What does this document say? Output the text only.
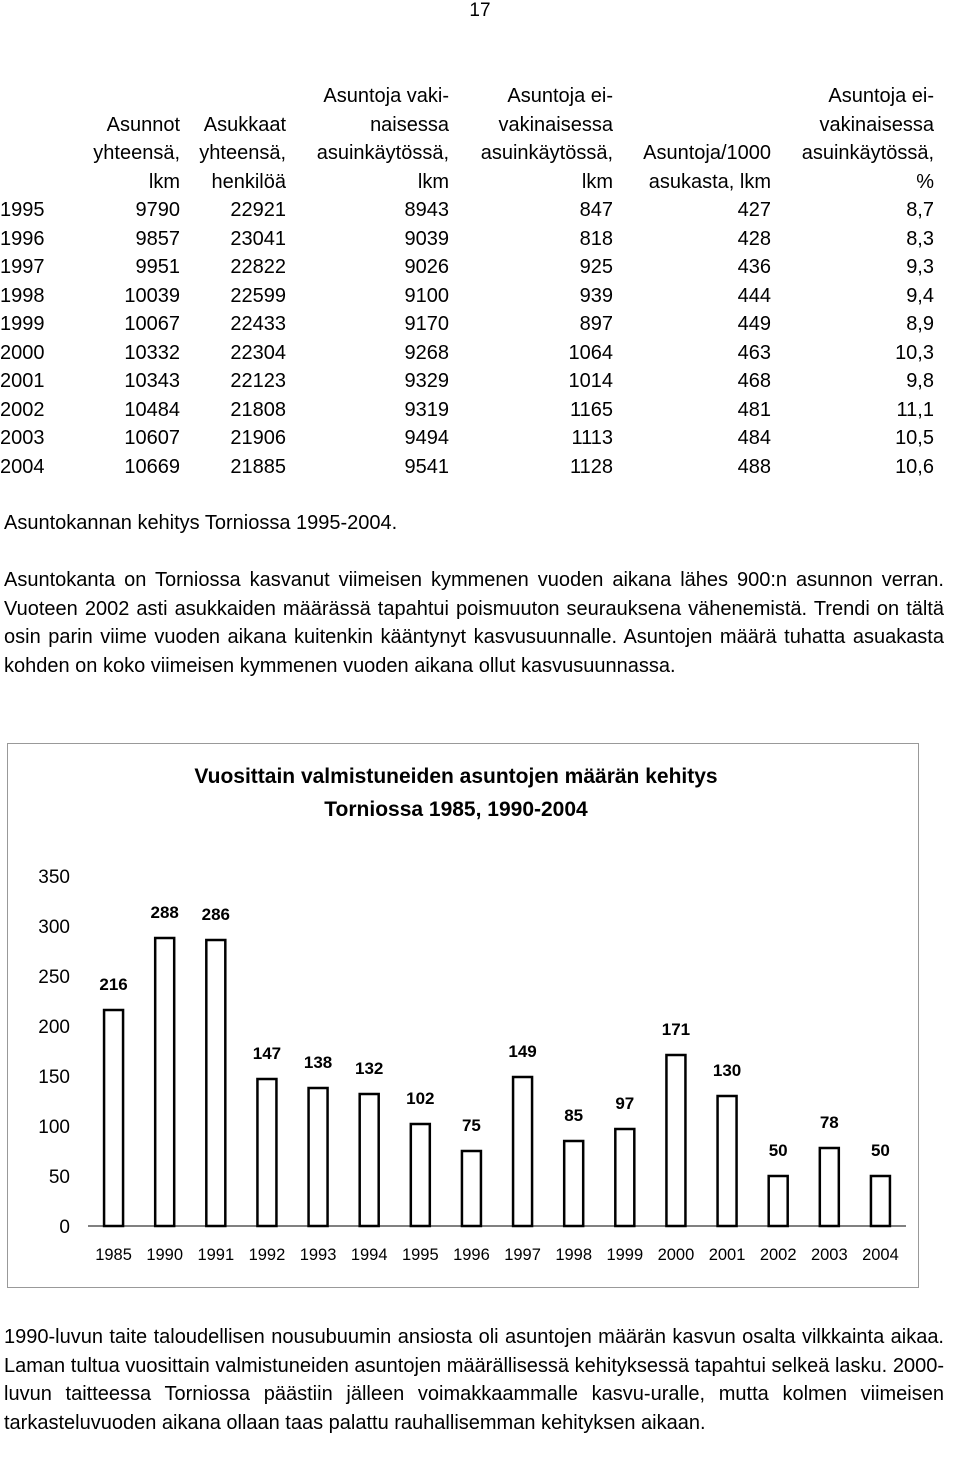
17
	Asunnot
yhteensä,
lkm	Asukkaat
yhteensä,
henkilöä	Asuntoja vaki-
naisessa
asuinkäytössä,
lkm	Asuntoja ei-
vakinaisessa
asuinkäytössä,
lkm	Asuntoja/1000
asukasta, lkm	Asuntoja ei-
vakinaisessa
asuinkäytössä,
%
1995	9790	22921	8943	847	427	8,7
1996	9857	23041	9039	818	428	8,3
1997	9951	22822	9026	925	436	9,3
1998	10039	22599	9100	939	444	9,4
1999	10067	22433	9170	897	449	8,9
2000	10332	22304	9268	1064	463	10,3
2001	10343	22123	9329	1014	468	9,8
2002	10484	21808	9319	1165	481	11,1
2003	10607	21906	9494	1113	484	10,5
2004	10669	21885	9541	1128	488	10,6
Asuntokannan kehitys Torniossa 1995-2004.
Asuntokanta on Torniossa kasvanut viimeisen kymmenen vuoden aikana lähes 900:n asunnon verran. Vuoteen 2002 asti asukkaiden määrässä tapahtui poismuuton seurauksena vähenemistä. Trendi on tältä osin parin viime vuoden aikana kuitenkin kääntynyt kasvusuunnalle. Asuntojen määrä tuhatta asuakasta kohden on koko viimeisen kymmenen vuoden aikana ollut kasvusuunnassa.
Vuosittain valmistuneiden asuntojen määrän kehitys
Torniossa 1985, 1990-2004
0
50
100
150
200
250
300
350
216
1985
288
1990
286
1991
147
1992
138
1993
132
1994
102
1995
75
1996
149
1997
85
1998
97
1999
171
2000
130
2001
50
2002
78
2003
50
2004
1990-luvun taite taloudellisen nousubuumin ansiosta oli asuntojen määrän kasvun osalta vilkkainta aikaa. Laman tultua vuosittain valmistuneiden asuntojen määrällisessä kehityksessä tapahtui selkeä lasku. 2000-luvun taitteessa Torniossa päästiin jälleen voimakkaammalle kasvu-uralle, mutta kolmen viimeisen tarkasteluvuoden aikana ollaan taas palattu rauhallisemman kehityksen aikaan.
